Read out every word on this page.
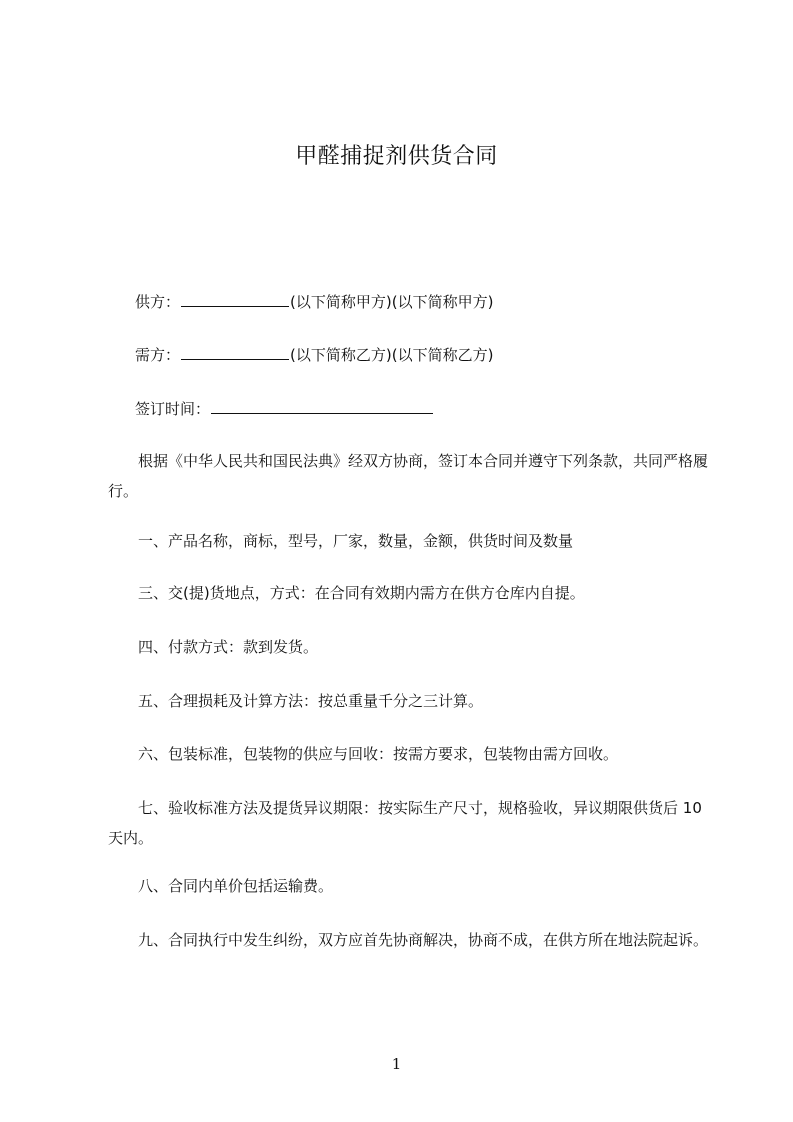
甲醛捕捉剂供货合同
供方：	(以下简称甲方)(以下简称甲方)
需方：	(以下简称乙方)(以下简称乙方)
签订时间：
根据《中华人民共和国民法典》经双方协商，签订本合同并遵守下列条款，共同严格履行。
一、产品名称，商标，型号，厂家，数量，金额，供货时间及数量
三、交(提)货地点，方式：在合同有效期内需方在供方仓库内自提。
四、付款方式：款到发货。
五、合理损耗及计算方法：按总重量千分之三计算。
六、包装标准，包装物的供应与回收：按需方要求，包装物由需方回收。
七、验收标准方法及提货异议期限：按实际生产尺寸，规格验收，异议期限供货后 10 天内。
八、合同内单价包括运输费。
九、合同执行中发生纠纷，双方应首先协商解决，协商不成，在供方所在地法院起诉。
1
